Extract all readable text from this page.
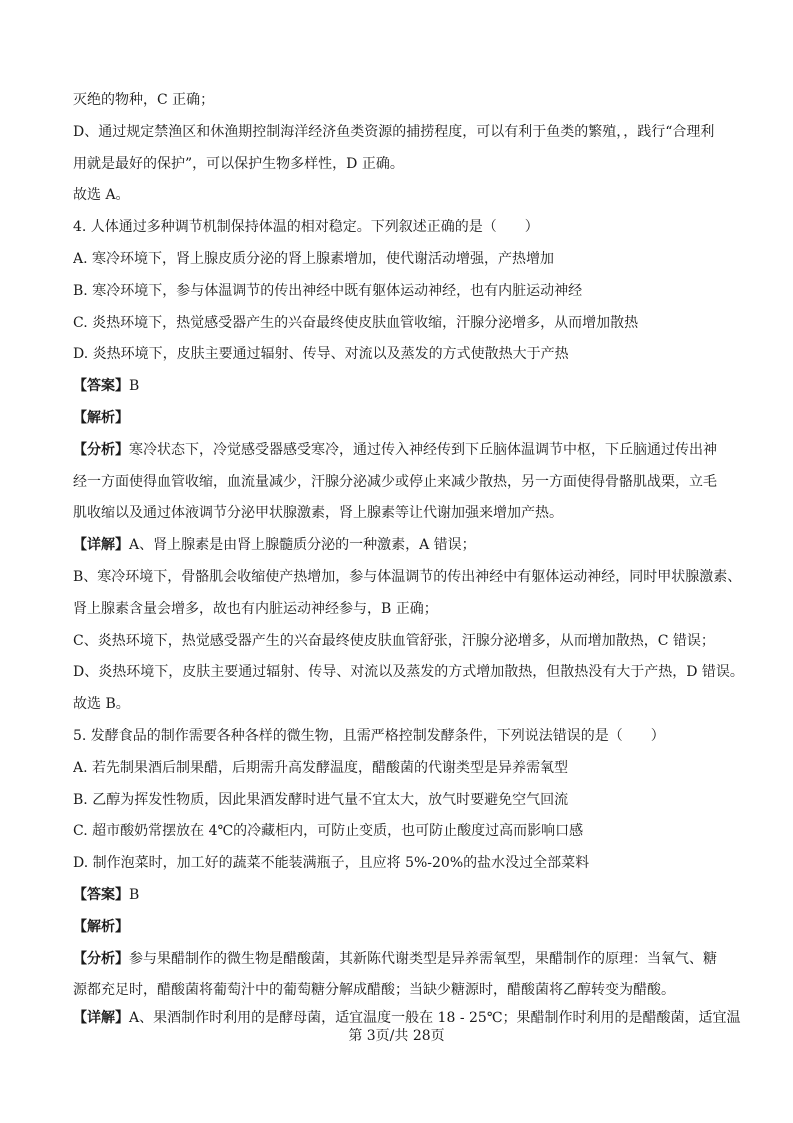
灭绝的物种，C 正确；
D、通过规定禁渔区和休渔期控制海洋经济鱼类资源的捕捞程度，可以有利于鱼类的繁殖，，践行“合理利
用就是最好的保护”，可以保护生物多样性，D 正确。
故选 A。
4. 人体通过多种调节机制保持体温的相对稳定。下列叙述正确的是（　　）
A. 寒冷环境下，肾上腺皮质分泌的肾上腺素增加，使代谢活动增强，产热增加
B. 寒冷环境下，参与体温调节的传出神经中既有躯体运动神经，也有内脏运动神经
C. 炎热环境下，热觉感受器产生的兴奋最终使皮肤血管收缩，汗腺分泌增多，从而增加散热
D. 炎热环境下，皮肤主要通过辐射、传导、对流以及蒸发的方式使散热大于产热
【答案】B
【解析】
【分析】寒冷状态下，冷觉感受器感受寒冷，通过传入神经传到下丘脑体温调节中枢，下丘脑通过传出神
经一方面使得血管收缩，血流量减少，汗腺分泌减少或停止来减少散热，另一方面使得骨骼肌战栗，立毛
肌收缩以及通过体液调节分泌甲状腺激素，肾上腺素等让代谢加强来增加产热。
【详解】A、肾上腺素是由肾上腺髓质分泌的一种激素，A 错误；
B、寒冷环境下，骨骼肌会收缩使产热增加，参与体温调节的传出神经中有躯体运动神经，同时甲状腺激素、
肾上腺素含量会增多，故也有内脏运动神经参与，B 正确；
C、炎热环境下，热觉感受器产生的兴奋最终使皮肤血管舒张，汗腺分泌增多，从而增加散热，C 错误；
D、炎热环境下，皮肤主要通过辐射、传导、对流以及蒸发的方式增加散热，但散热没有大于产热，D 错误。
故选 B。
5. 发酵食品的制作需要各种各样的微生物，且需严格控制发酵条件，下列说法错误的是（　　）
A. 若先制果酒后制果醋，后期需升高发酵温度，醋酸菌的代谢类型是异养需氧型
B. 乙醇为挥发性物质，因此果酒发酵时进气量不宜太大，放气时要避免空气回流
C. 超市酸奶常摆放在 4℃的冷藏柜内，可防止变质，也可防止酸度过高而影响口感
D. 制作泡菜时，加工好的蔬菜不能装满瓶子，且应将 5%-20%的盐水没过全部菜料
【答案】B
【解析】
【分析】参与果醋制作的微生物是醋酸菌，其新陈代谢类型是异养需氧型，果醋制作的原理：当氧气、糖
源都充足时，醋酸菌将葡萄汁中的葡萄糖分解成醋酸；当缺少糖源时，醋酸菌将乙醇转变为醋酸。
【详解】A、果酒制作时利用的是酵母菌，适宜温度一般在 18 - 25℃；果醋制作时利用的是醋酸菌，适宜温
第 3页/共 28页
